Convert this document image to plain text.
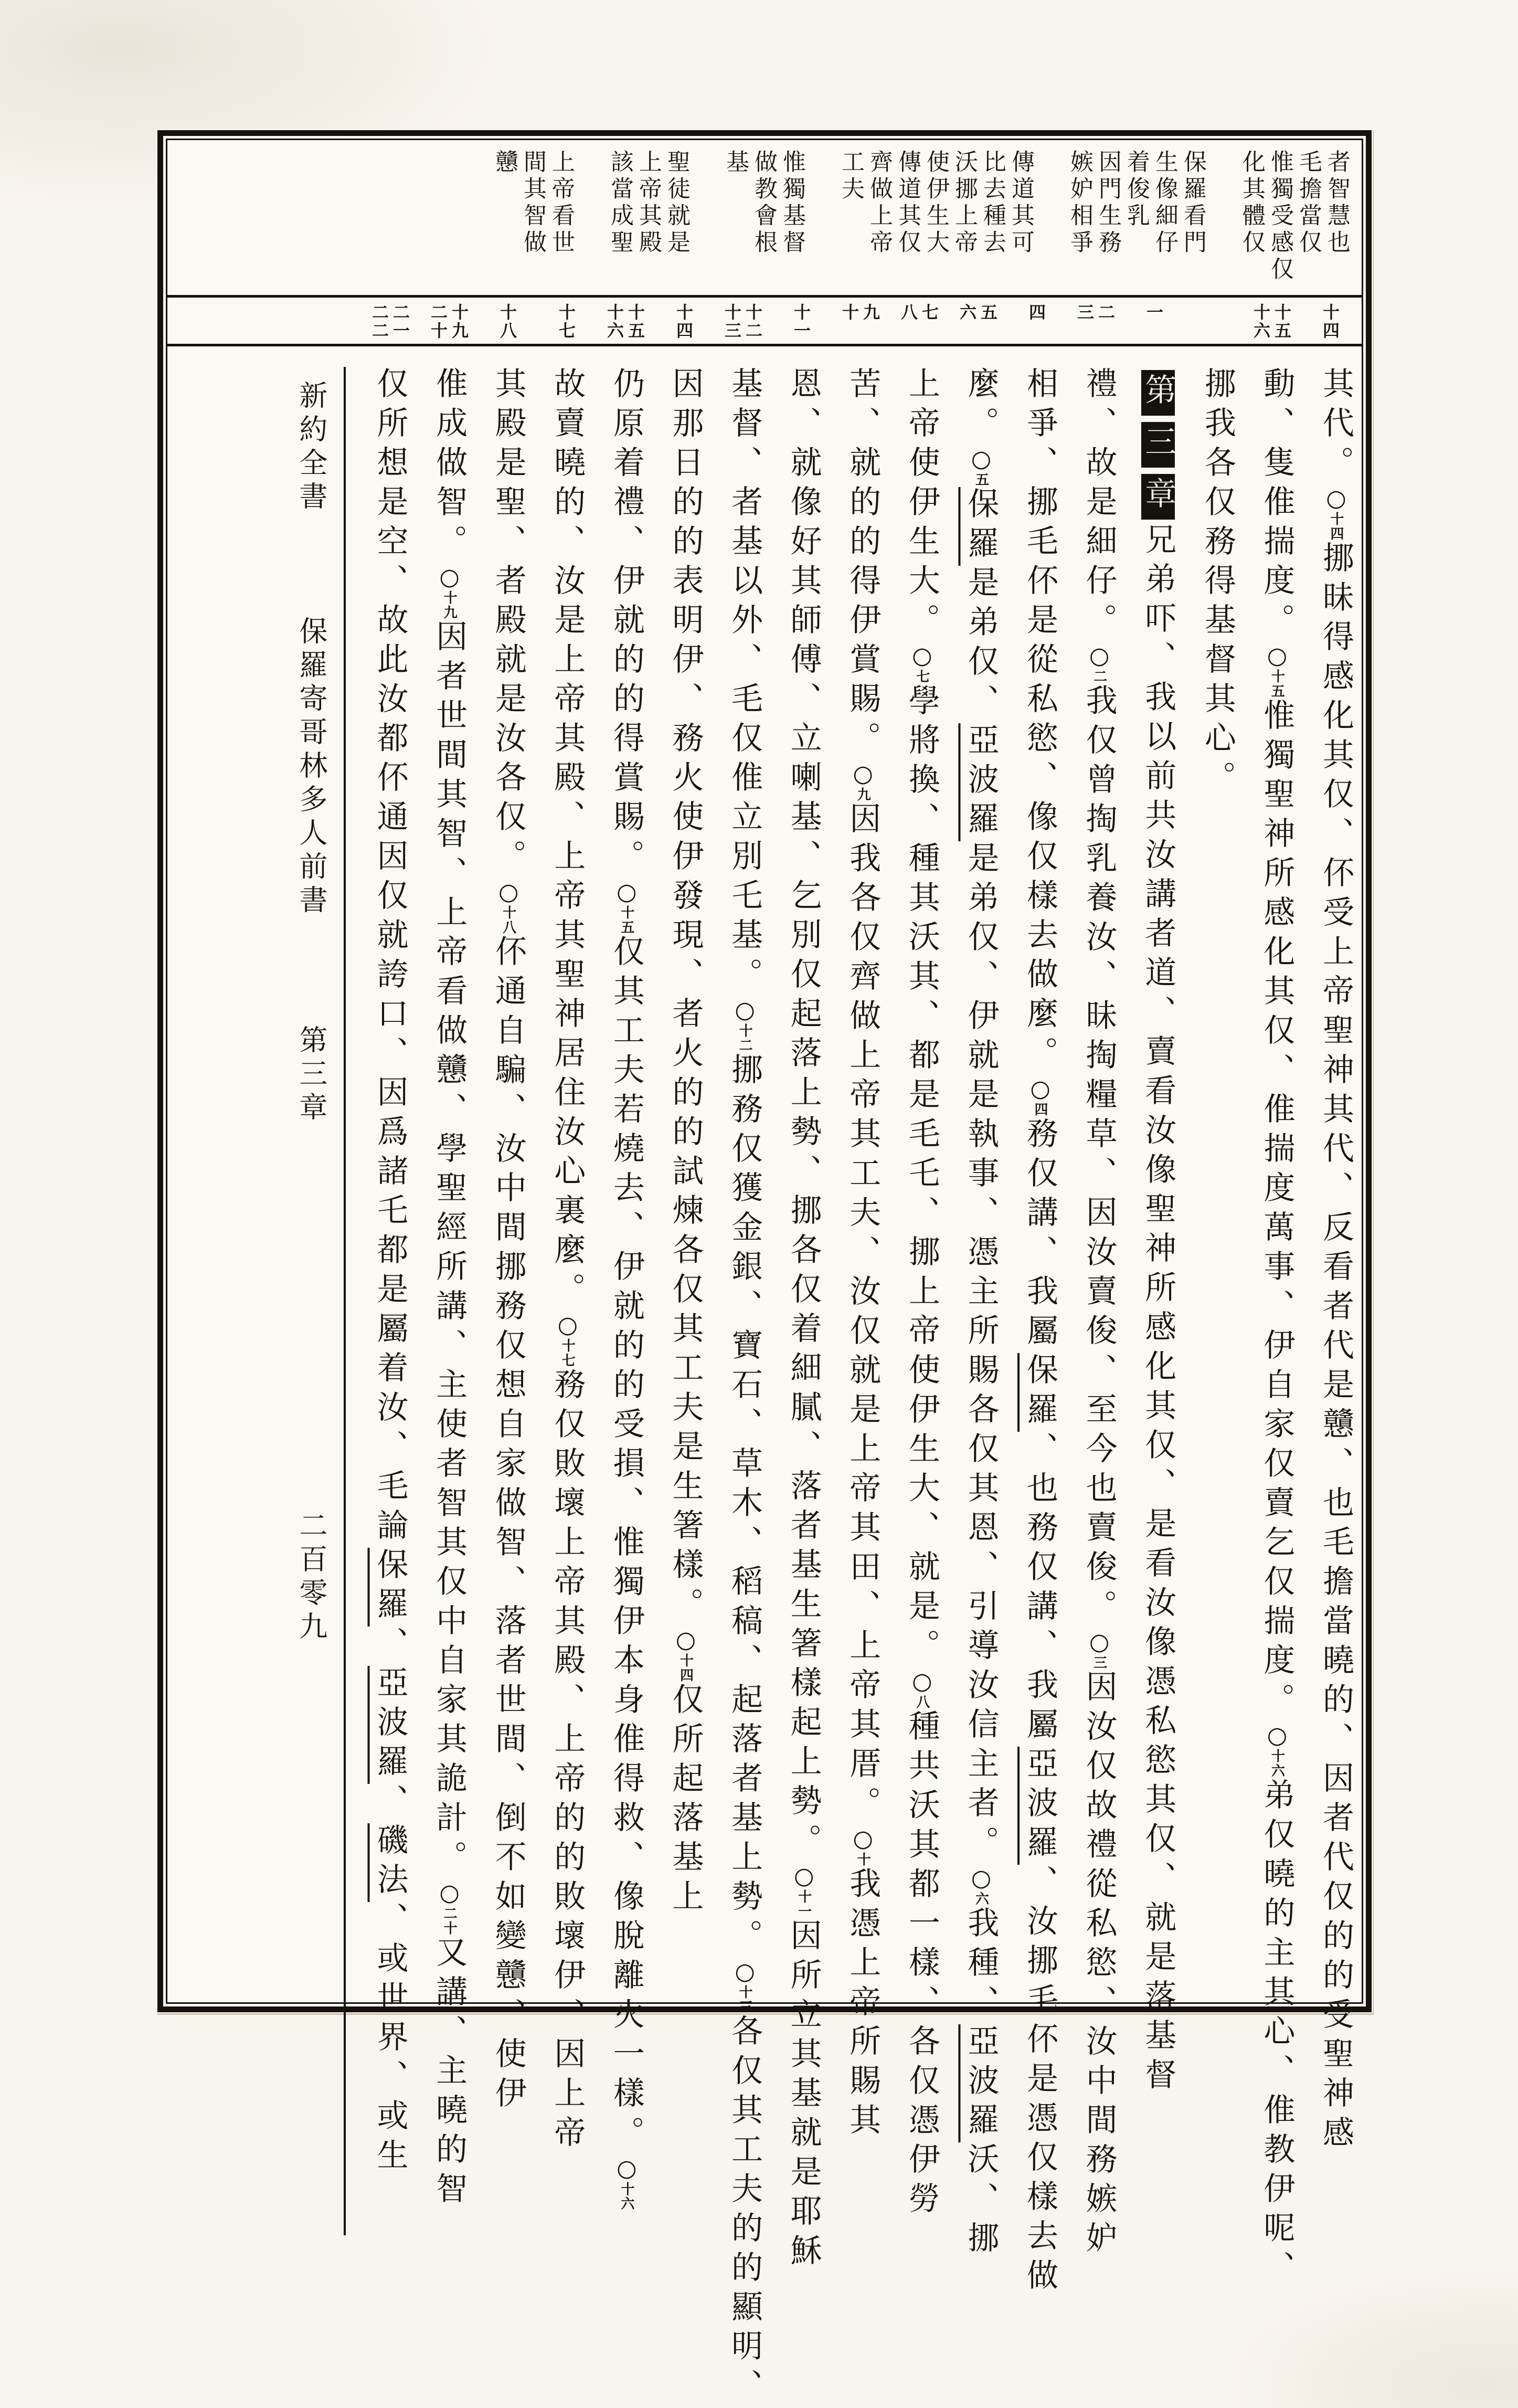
者智慧也
毛擔當仅
惟獨受感仅
化其體仅
保羅看門
生像細仔
着俊乳
因門生務
嫉妒相爭
傳道其可
比去種去
沃挪上帝
使伊生大
傳道其仅
齊做上帝
工夫
惟獨基督
做教會根
基
聖徒就是
上帝其殿
該當成聖
上帝看世
間其智做
戇
十四
十五
十六
一
二
三
四
五
六
七
八
九
十
十一
十二
十三
十四
十五
十六
十七
十八
十九
二十
二一
二二
其代。○十四挪昧得感化其仅、伓受上帝聖神其代、反看者代是戇、也毛擔當曉的、因者代仅的的受聖神感
動、隻倠揣度。○十五惟獨聖神所感化其仅、倠揣度萬事、伊自家仅賣乞仅揣度。○十六弟仅曉的主其心、倠教伊呢、
挪我各仅務得基督其心。
第三章兄弟吓、我以前共汝講者道、賣看汝像聖神所感化其仅、是看汝像憑私慾其仅、就是落基督
禮、故是細仔。○二我仅曾掏乳養汝、昧掏糧草、因汝賣俊、至今也賣俊。○三因汝仅故禮從私慾、汝中間務嫉妒
相爭、挪毛伓是從私慾、像仅樣去做麼。○四務仅講、我屬保羅、也務仅講、我屬亞波羅、汝挪毛伓是憑仅樣去做
麼。○五保羅是弟仅、亞波羅是弟仅、伊就是執事、憑主所賜各仅其恩、引導汝信主者。○六我種、亞波羅沃、挪
上帝使伊生大。○七學將換、種其沃其、都是毛乇、挪上帝使伊生大、就是。○八種共沃其都一樣、各仅憑伊勞
苦、就的的得伊賞賜。○九因我各仅齊做上帝其工夫、汝仅就是上帝其田、上帝其厝。○十我憑上帝所賜其
恩、就像好其師傅、立喇基、乞別仅起落上勢、挪各仅着細膩、落者基生箸樣起上勢。○十一因所立其基就是耶穌
基督、者基以外、毛仅倠立別乇基。○十二挪務仅獲金銀、寶石、草木、稻稿、起落者基上勢。○十三各仅其工夫的的顯明、
因那日的的表明伊、務火使伊發現、者火的的試煉各仅其工夫是生箸樣。○十四仅所起落基上
仍原着禮、伊就的的得賞賜。○十五仅其工夫若燒去、伊就的的受損、惟獨伊本身倠得救、像脫離火一樣。○十六
故賣曉的、汝是上帝其殿、上帝其聖神居住汝心裏麼。○十七務仅敗壞上帝其殿、上帝的的敗壞伊、因上帝
其殿是聖、者殿就是汝各仅。○十八伓通自騙、汝中間挪務仅想自家做智、落者世間、倒不如變戇、使伊
倠成做智。○十九因者世間其智、上帝看做戇、學聖經所講、主使者智其仅中自家其詭計。○二十又講、主曉的智
仅所想是空、故此汝都伓通因仅就誇口、因爲諸乇都是屬着汝、毛論保羅、亞波羅、磯法、或世界、或生
新約全書 保羅寄哥林多人前書 第三章 二百零九
